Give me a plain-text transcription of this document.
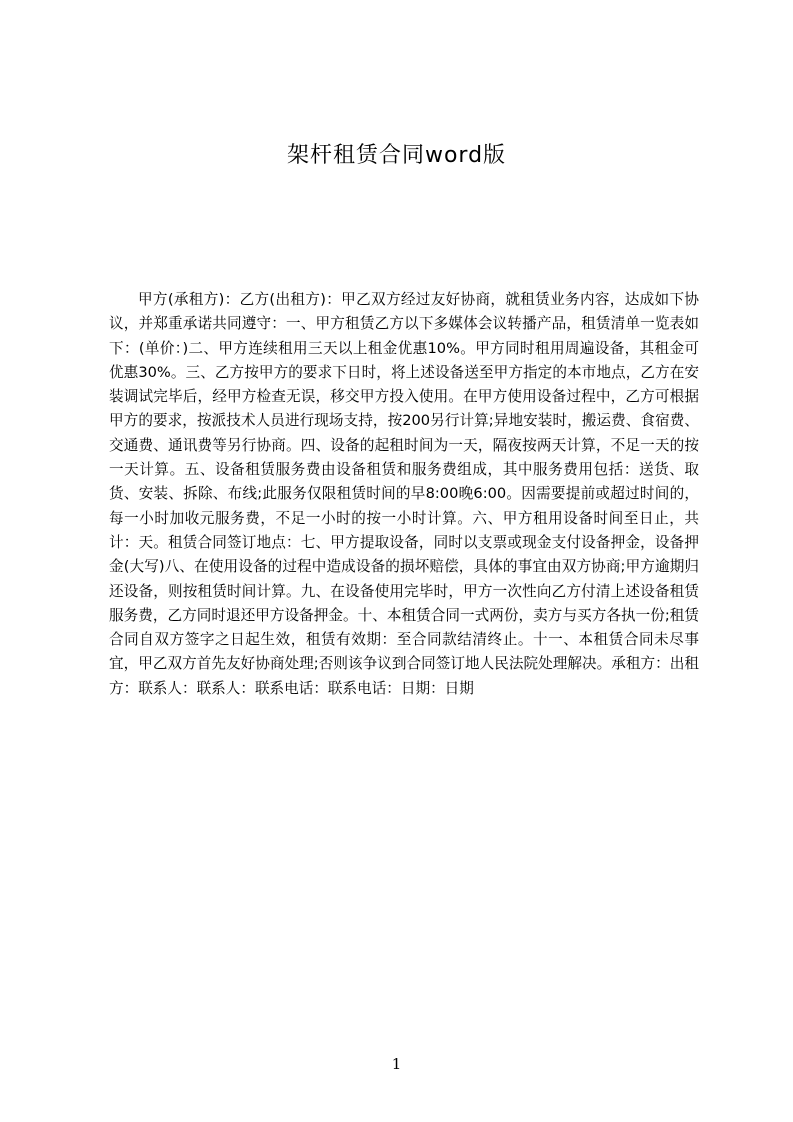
架杆租赁合同word版

甲方(承租方)：乙方(出租方)：甲乙双方经过友好协商，就租赁业务内容，达成如下协议，并郑重承诺共同遵守：一、甲方租赁乙方以下多媒体会议转播产品，租赁清单一览表如下：(单价：)二、甲方连续租用三天以上租金优惠10%。甲方同时租用周遍设备，其租金可优惠30%。三、乙方按甲方的要求下日时，将上述设备送至甲方指定的本市地点，乙方在安装调试完毕后，经甲方检查无误，移交甲方投入使用。在甲方使用设备过程中，乙方可根据甲方的要求，按派技术人员进行现场支持，按200另行计算;异地安装时，搬运费、食宿费、交通费、通讯费等另行协商。四、设备的起租时间为一天，隔夜按两天计算，不足一天的按一天计算。五、设备租赁服务费由设备租赁和服务费组成，其中服务费用包括：送货、取货、安装、拆除、布线;此服务仅限租赁时间的早8:00晚6:00。因需要提前或超过时间的，每一小时加收元服务费，不足一小时的按一小时计算。六、甲方租用设备时间至日止，共计：天。租赁合同签订地点：七、甲方提取设备，同时以支票或现金支付设备押金，设备押金(大写)八、在使用设备的过程中造成设备的损坏赔偿，具体的事宜由双方协商;甲方逾期归还设备，则按租赁时间计算。九、在设备使用完毕时，甲方一次性向乙方付清上述设备租赁服务费，乙方同时退还甲方设备押金。十、本租赁合同一式两份，卖方与买方各执一份;租赁合同自双方签字之日起生效，租赁有效期：至合同款结清终止。十一、本租赁合同未尽事宜，甲乙双方首先友好协商处理;否则该争议到合同签订地人民法院处理解决。承租方：出租方：联系人：联系人：联系电话：联系电话：日期：日期

1
